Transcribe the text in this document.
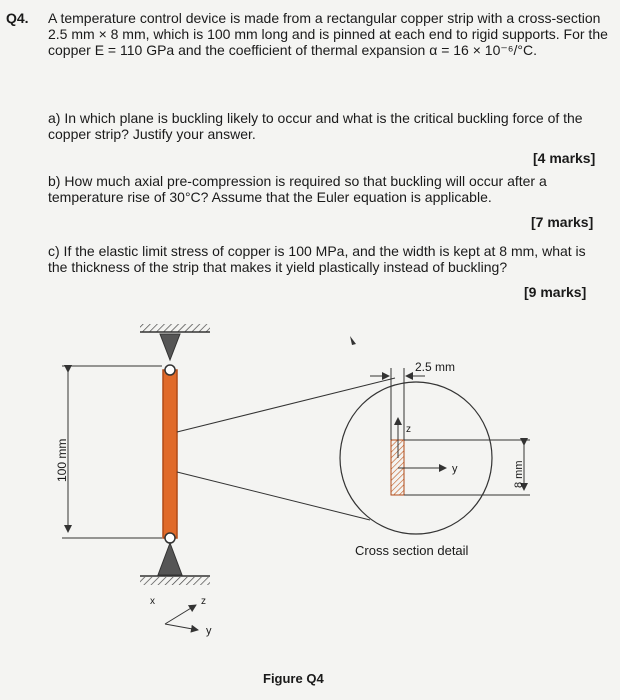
Q4. A temperature control device is made from a rectangular copper strip with a cross-section 2.5 mm × 8 mm, which is 100 mm long and is pinned at each end to rigid supports. For the copper E = 110 GPa and the coefficient of thermal expansion α = 16 × 10⁻⁶/°C.
a) In which plane is buckling likely to occur and what is the critical buckling force of the copper strip? Justify your answer.
[4 marks]
b) How much axial pre-compression is required so that buckling will occur after a temperature rise of 30°C? Assume that the Euler equation is applicable.
[7 marks]
c) If the elastic limit stress of copper is 100 MPa, and the width is kept at 8 mm, what is the thickness of the strip that makes it yield plastically instead of buckling?
[9 marks]
100 mm
x	z
y
z
y
2.5 mm
8 mm
Cross section detail
Figure Q4
